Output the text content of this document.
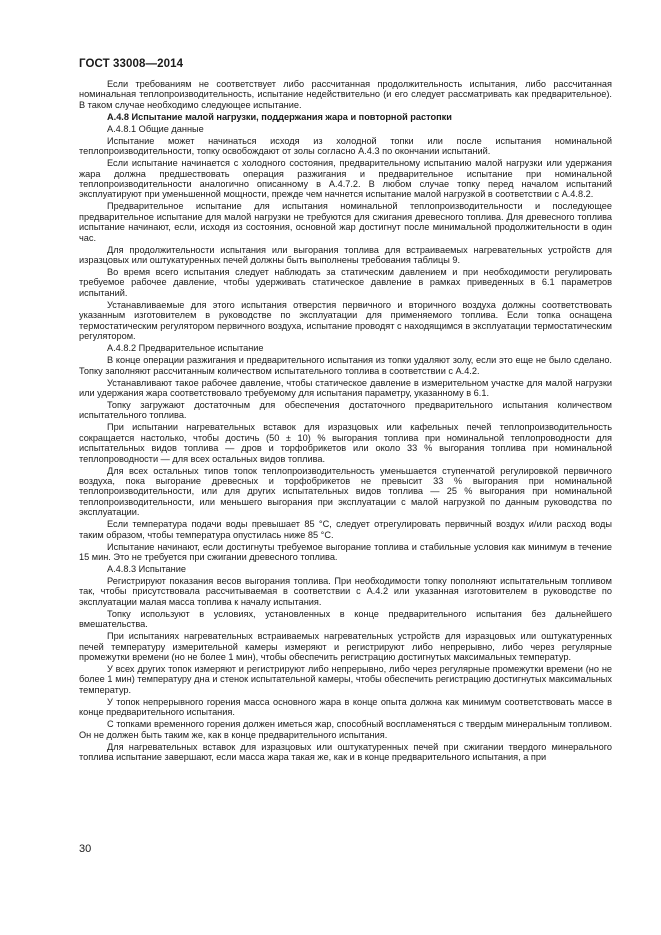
ГОСТ 33008—2014

Если требованиям не соответствует либо рассчитанная продолжительность испытания, либо рассчитанная номинальная теплопроизводительность, испытание недействительно (и его следует рассматривать как предварительное). В таком случае необходимо следующее испытание.

А.4.8 Испытание малой нагрузки, поддержания жара и повторной растопки

А.4.8.1 Общие данные

Испытание может начинаться исходя из холодной топки или после испытания номинальной теплопроизводительности, топку освобождают от золы согласно А.4.3 по окончании испытаний.

Если испытание начинается с холодного состояния, предварительному испытанию малой нагрузки или удержания жара должна предшествовать операция разжигания и предварительное испытание при номинальной теплопроизводительности аналогично описанному в А.4.7.2. В любом случае топку перед началом испытаний эксплуатируют при уменьшенной мощности, прежде чем начнется испытание малой нагрузкой в соответствии с А.4.8.2.

Предварительное испытание для испытания номинальной теплопроизводительности и последующее предварительное испытание для малой нагрузки не требуются для сжигания древесного топлива. Для древесного топлива испытание начинают, если, исходя из состояния, основной жар достигнут после минимальной продолжительности в один час.

Для продолжительности испытания или выгорания топлива для встраиваемых нагревательных устройств для изразцовых или оштукатуренных печей должны быть выполнены требования таблицы 9.

Во время всего испытания следует наблюдать за статическим давлением и при необходимости регулировать требуемое рабочее давление, чтобы удерживать статическое давление в рамках приведенных в 6.1 параметров испытаний.

Устанавливаемые для этого испытания отверстия первичного и вторичного воздуха должны соответствовать указанным изготовителем в руководстве по эксплуатации для применяемого топлива. Если топка оснащена термостатическим регулятором первичного воздуха, испытание проводят с находящимся в эксплуатации термостатическим регулятором.

А.4.8.2 Предварительное испытание

В конце операции разжигания и предварительного испытания из топки удаляют золу, если это еще не было сделано. Топку заполняют рассчитанным количеством испытательного топлива в соответствии с А.4.2.

Устанавливают такое рабочее давление, чтобы статическое давление в измерительном участке для малой нагрузки или удержания жара соответствовало требуемому для испытания параметру, указанному в 6.1.

Топку загружают достаточным для обеспечения достаточного предварительного испытания количеством испытательного топлива.

При испытании нагревательных вставок для изразцовых или кафельных печей теплопроизводительность сокращается настолько, чтобы достичь (50 ± 10) % выгорания топлива при номинальной теплопроводности для испытательных видов топлива — дров и торфобрикетов или около 33 % выгорания топлива при номинальной теплопроводности — для всех остальных видов топлива.

Для всех остальных типов топок теплопроизводительность уменьшается ступенчатой регулировкой первичного воздуха, пока выгорание древесных и торфобрикетов не превысит 33 % выгорания при номинальной теплопроизводительности, или для других испытательных видов топлива — 25 % выгорания при номинальной теплопроизводительности, или меньшего выгорания при эксплуатации с малой нагрузкой по данным руководства по эксплуатации.

Если температура подачи воды превышает 85 °С, следует отрегулировать первичный воздух и/или расход воды таким образом, чтобы температура опустилась ниже 85 °С.

Испытание начинают, если достигнуты требуемое выгорание топлива и стабильные условия как минимум в течение 15 мин. Это не требуется при сжигании древесного топлива.

А.4.8.3 Испытание

Регистрируют показания весов выгорания топлива. При необходимости топку пополняют испытательным топливом так, чтобы присутствовала рассчитываемая в соответствии с А.4.2 или указанная изготовителем в руководстве по эксплуатации малая масса топлива к началу испытания.

Топку используют в условиях, установленных в конце предварительного испытания без дальнейшего вмешательства.

При испытаниях нагревательных встраиваемых нагревательных устройств для изразцовых или оштукатуренных печей температуру измерительной камеры измеряют и регистрируют либо непрерывно, либо через регулярные промежутки времени (но не более 1 мин), чтобы обеспечить регистрацию достигнутых максимальных температур.

У всех других топок измеряют и регистрируют либо непрерывно, либо через регулярные промежутки времени (но не более 1 мин) температуру дна и стенок испытательной камеры, чтобы обеспечить регистрацию достигнутых максимальных температур.

У топок непрерывного горения масса основного жара в конце опыта должна как минимум соответствовать массе в конце предварительного испытания.

С топками временного горения должен иметься жар, способный воспламеняться с твердым минеральным топливом. Он не должен быть таким же, как в конце предварительного испытания.

Для нагревательных вставок для изразцовых или оштукатуренных печей при сжигании твердого минерального топлива испытание завершают, если масса жара такая же, как и в конце предварительного испытания, а при

30
